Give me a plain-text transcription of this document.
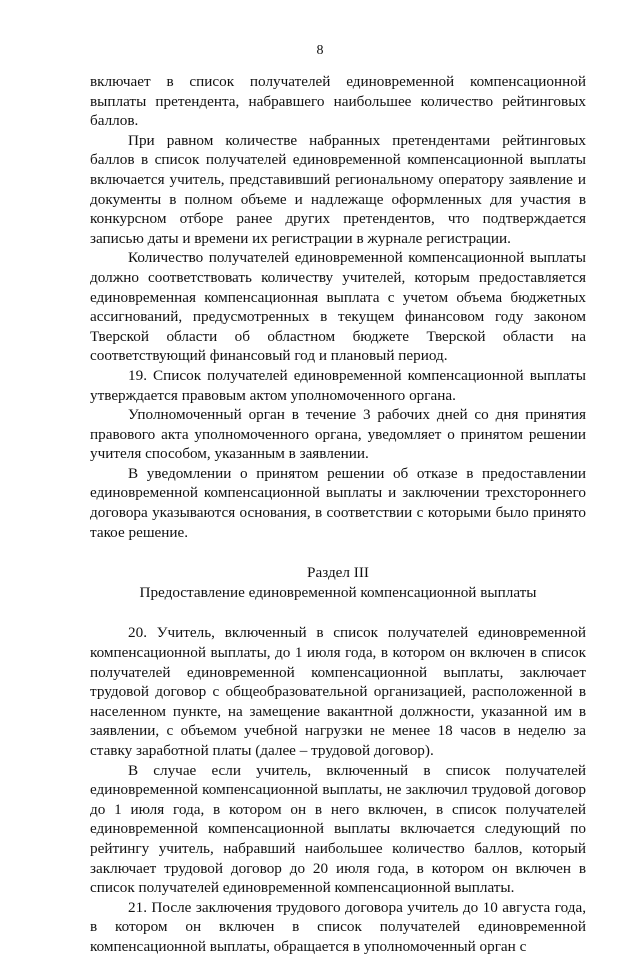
8

включает в список получателей единовременной компенсационной выплаты претендента, набравшего наибольшее количество рейтинговых баллов.

При равном количестве набранных претендентами рейтинговых баллов в список получателей единовременной компенсационной выплаты включается учитель, представивший региональному оператору заявление и документы в полном объеме и надлежаще оформленных для участия в конкурсном отборе ранее других претендентов, что подтверждается записью даты и времени их регистрации в журнале регистрации.

Количество получателей единовременной компенсационной выплаты должно соответствовать количеству учителей, которым предоставляется единовременная компенсационная выплата с учетом объема бюджетных ассигнований, предусмотренных в текущем финансовом году законом Тверской области об областном бюджете Тверской области на соответствующий финансовый год и плановый период.

19. Список получателей единовременной компенсационной выплаты утверждается правовым актом уполномоченного органа.

Уполномоченный орган в течение 3 рабочих дней со дня принятия правового акта уполномоченного органа, уведомляет о принятом решении учителя способом, указанным в заявлении.

В уведомлении о принятом решении об отказе в предоставлении единовременной компенсационной выплаты и заключении трехстороннего договора указываются основания, в соответствии с которыми было принято такое решение.

Раздел III
Предоставление единовременной компенсационной выплаты

20. Учитель, включенный в список получателей единовременной компенсационной выплаты, до 1 июля года, в котором он включен в список получателей единовременной компенсационной выплаты, заключает трудовой договор с общеобразовательной организацией, расположенной в населенном пункте, на замещение вакантной должности, указанной им в заявлении, с объемом учебной нагрузки не менее 18 часов в неделю за ставку заработной платы (далее – трудовой договор).

В случае если учитель, включенный в список получателей единовременной компенсационной выплаты, не заключил трудовой договор до 1 июля года, в котором он в него включен, в список получателей единовременной компенсационной выплаты включается следующий по рейтингу учитель, набравший наибольшее количество баллов, который заключает трудовой договор до 20 июля года, в котором он включен в список получателей единовременной компенсационной выплаты.

21. После заключения трудового договора учитель до 10 августа года, в котором он включен в список получателей единовременной компенсационной выплаты, обращается в уполномоченный орган с
